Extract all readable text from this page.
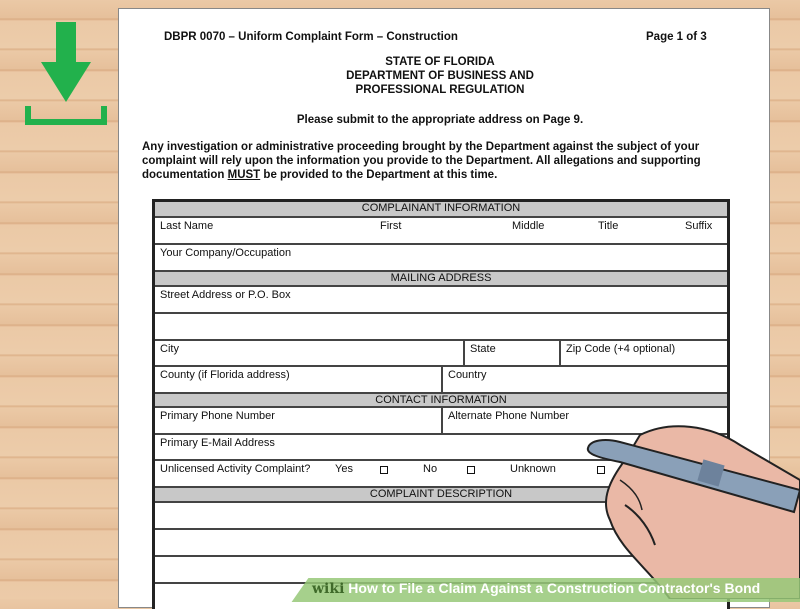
DBPR 0070 – Uniform Complaint Form – Construction	Page 1 of 3
STATE OF FLORIDA
DEPARTMENT OF BUSINESS AND
PROFESSIONAL REGULATION
Please submit to the appropriate address on Page 9.
Any investigation or administrative proceeding brought by the Department against the subject of your
complaint will rely upon the information you provide to the Department. All allegations and supporting
documentation MUST be provided to the Department at this time.
COMPLAINANT INFORMATION
Last Name	First	Middle	Title	Suffix
Your Company/Occupation
MAILING ADDRESS
Street Address or P.O. Box
City	State	Zip Code (+4 optional)
County (if Florida address)	Country
CONTACT INFORMATION
Primary Phone Number	Alternate Phone Number
Primary E-Mail Address
Unlicensed Activity Complaint? Yes	No	Unknown
COMPLAINT DESCRIPTION
wiki How to File a Claim Against a Construction Contractor's Bond
